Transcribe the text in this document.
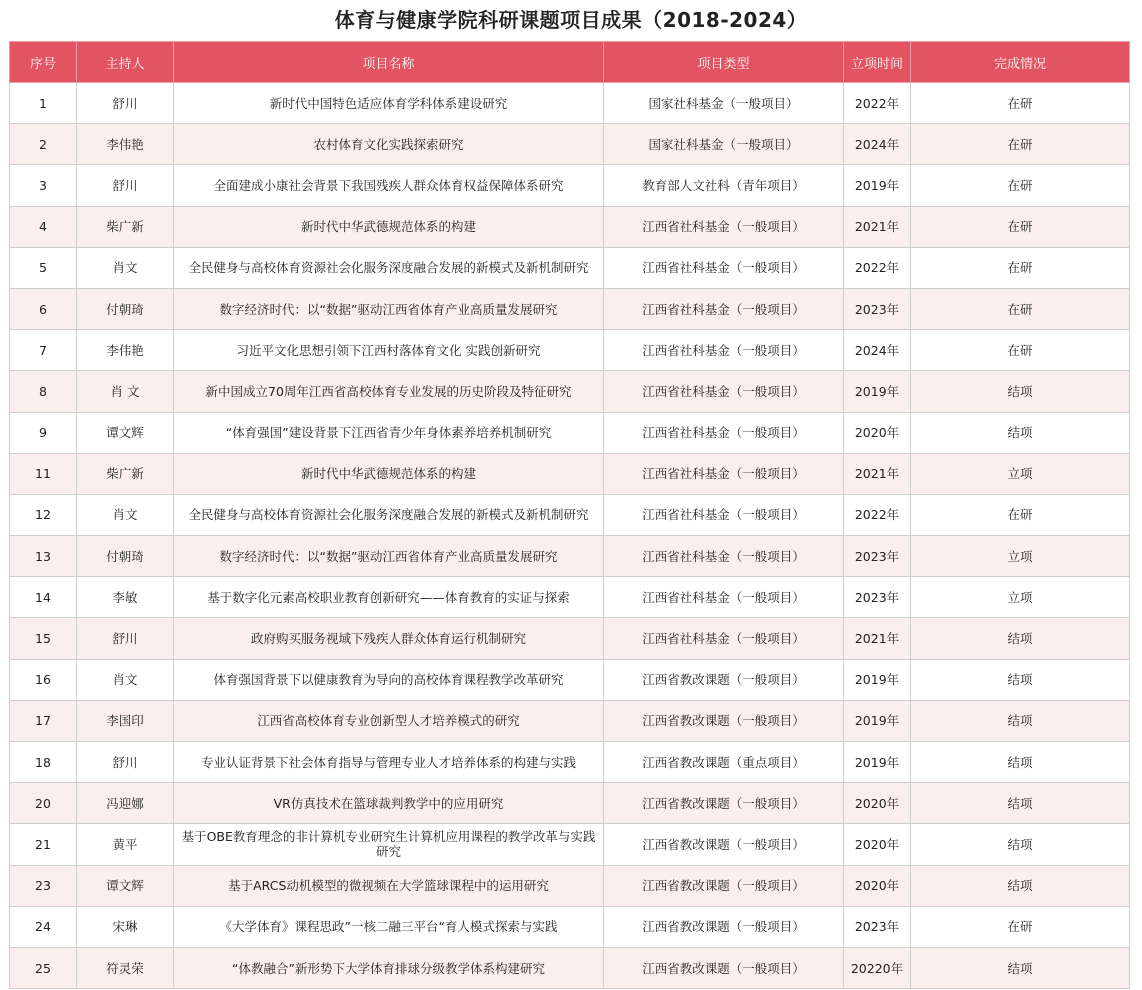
体育与健康学院科研课题项目成果（2018-2024）
序号	主持人	项目名称	项目类型	立项时间	完成情况
1	舒川	新时代中国特色适应体育学科体系建设研究	国家社科基金（一般项目）	2022年	在研
2	李伟艳	农村体育文化实践探索研究	国家社科基金（一般项目）	2024年	在研
3	舒川	全面建成小康社会背景下我国残疾人群众体育权益保障体系研究	教育部人文社科（青年项目）	2019年	在研
4	柴广新	新时代中华武德规范体系的构建	江西省社科基金（一般项目）	2021年	在研
5	肖文	全民健身与高校体育资源社会化服务深度融合发展的新模式及新机制研究	江西省社科基金（一般项目）	2022年	在研
6	付朝琦	数字经济时代：以“数据”驱动江西省体育产业高质量发展研究	江西省社科基金（一般项目）	2023年	在研
7	李伟艳	习近平文化思想引领下江西村落体育文化 实践创新研究	江西省社科基金（一般项目）	2024年	在研
8	肖 文	新中国成立70周年江西省高校体育专业发展的历史阶段及特征研究	江西省社科基金（一般项目）	2019年	结项
9	谭文辉	“体育强国”建设背景下江西省青少年身体素养培养机制研究	江西省社科基金（一般项目）	2020年	结项
11	柴广新	新时代中华武德规范体系的构建	江西省社科基金（一般项目）	2021年	立项
12	肖文	全民健身与高校体育资源社会化服务深度融合发展的新模式及新机制研究	江西省社科基金（一般项目）	2022年	在研
13	付朝琦	数字经济时代：以“数据”驱动江西省体育产业高质量发展研究	江西省社科基金（一般项目）	2023年	立项
14	李敏	基于数字化元素高校职业教育创新研究——体育教育的实证与探索	江西省社科基金（一般项目）	2023年	立项
15	舒川	政府购买服务视域下残疾人群众体育运行机制研究	江西省社科基金（一般项目）	2021年	结项
16	肖文	体育强国背景下以健康教育为导向的高校体育课程教学改革研究	江西省教改课题（一般项目）	2019年	结项
17	李国印	江西省高校体育专业创新型人才培养模式的研究	江西省教改课题（一般项目）	2019年	结项
18	舒川	专业认证背景下社会体育指导与管理专业人才培养体系的构建与实践	江西省教改课题（重点项目）	2019年	结项
20	冯迎娜	VR仿真技术在篮球裁判教学中的应用研究	江西省教改课题（一般项目）	2020年	结项
21	黄平	基于OBE教育理念的非计算机专业研究生计算机应用课程的教学改革与实践研究	江西省教改课题（一般项目）	2020年	结项
23	谭文辉	基于ARCS动机模型的微视频在大学篮球课程中的运用研究	江西省教改课题（一般项目）	2020年	结项
24	宋琳	《大学体育》课程思政”一核二融三平台“育人模式探索与实践	江西省教改课题（一般项目）	2023年	在研
25	符灵荣	“体教融合”新形势下大学体育排球分级教学体系构建研究	江西省教改课题（一般项目）	20220年	结项
